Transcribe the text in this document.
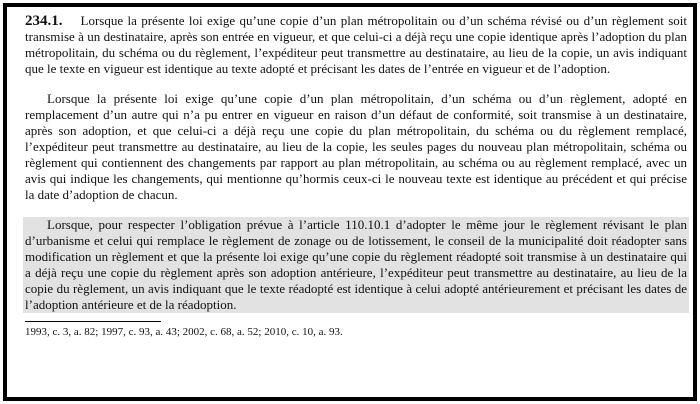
234.1. Lorsque la présente loi exige qu’une copie d’un plan métropolitain ou d’un schéma révisé ou d’un règlement soit transmise à un destinataire, après son entrée en vigueur, et que celui-ci a déjà reçu une copie identique après l’adoption du plan métropolitain, du schéma ou du règlement, l’expéditeur peut transmettre au destinataire, au lieu de la copie, un avis indiquant que le texte en vigueur est identique au texte adopté et précisant les dates de l’entrée en vigueur et de l’adoption.

Lorsque la présente loi exige qu’une copie d’un plan métropolitain, d’un schéma ou d’un règlement, adopté en remplacement d’un autre qui n’a pu entrer en vigueur en raison d’un défaut de conformité, soit transmise à un destinataire, après son adoption, et que celui-ci a déjà reçu une copie du plan métropolitain, du schéma ou du règlement remplacé, l’expéditeur peut transmettre au destinataire, au lieu de la copie, les seules pages du nouveau plan métropolitain, schéma ou règlement qui contiennent des changements par rapport au plan métropolitain, au schéma ou au règlement remplacé, avec un avis qui indique les changements, qui mentionne qu’hormis ceux-ci le nouveau texte est identique au précédent et qui précise la date d’adoption de chacun.

Lorsque, pour respecter l’obligation prévue à l’article 110.10.1 d’adopter le même jour le règlement révisant le plan d’urbanisme et celui qui remplace le règlement de zonage ou de lotissement, le conseil de la municipalité doit réadopter sans modification un règlement et que la présente loi exige qu’une copie du règlement réadopté soit transmise à un destinataire qui a déjà reçu une copie du règlement après son adoption antérieure, l’expéditeur peut transmettre au destinataire, au lieu de la copie du règlement, un avis indiquant que le texte réadopté est identique à celui adopté antérieurement et précisant les dates de l’adoption antérieure et de la réadoption.

1993, c. 3, a. 82; 1997, c. 93, a. 43; 2002, c. 68, a. 52; 2010, c. 10, a. 93.
